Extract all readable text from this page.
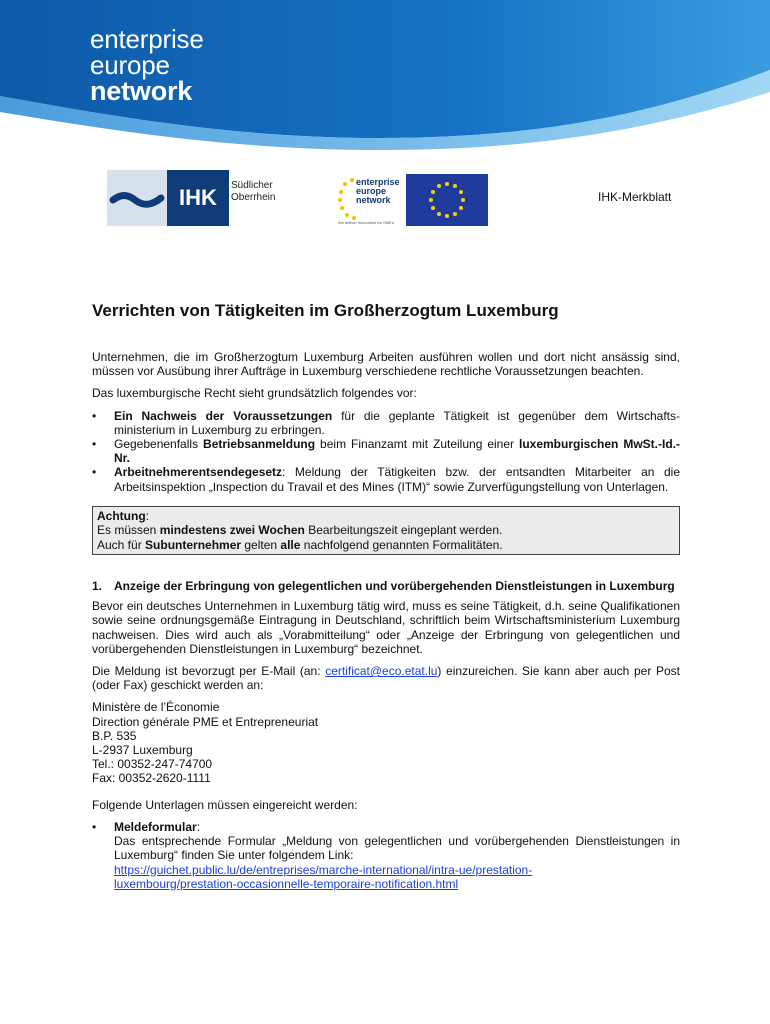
enterprise
europe
network
IHK	Südlicher
Oberrhein
enterprise
europe
network
We deliver innovation for SMEs
IHK-Merkblatt
Verrichten von Tätigkeiten im Großherzogtum Luxemburg

Unternehmen, die im Großherzogtum Luxemburg Arbeiten ausführen wollen und dort nicht ansässig sind, müssen vor Ausübung ihrer Aufträge in Luxemburg verschiedene rechtliche Voraussetzungen beachten.

Das luxemburgische Recht sieht grundsätzlich folgendes vor:

• Ein Nachweis der Voraussetzungen für die geplante Tätigkeit ist gegenüber dem Wirtschafts-ministerium in Luxemburg zu erbringen.
• Gegebenenfalls Betriebsanmeldung beim Finanzamt mit Zuteilung einer luxemburgischen MwSt.-Id.-Nr.
• Arbeitnehmerentsendegesetz: Meldung der Tätigkeiten bzw. der entsandten Mitarbeiter an die Arbeitsinspektion „Inspection du Travail et des Mines (ITM)“ sowie Zurverfügungstellung von Unterlagen.
Achtung:
Es müssen mindestens zwei Wochen Bearbeitungszeit eingeplant werden.
Auch für Subunternehmer gelten alle nachfolgend genannten Formalitäten.
1. Anzeige der Erbringung von gelegentlichen und vorübergehenden Dienstleistungen in Luxemburg

Bevor ein deutsches Unternehmen in Luxemburg tätig wird, muss es seine Tätigkeit, d.h. seine Qualifikationen sowie seine ordnungsgemäße Eintragung in Deutschland, schriftlich beim Wirtschaftsministerium Luxemburg nachweisen. Dies wird auch als „Vorabmitteilung“ oder „Anzeige der Erbringung von gelegentlichen und vorübergehenden Dienstleistungen in Luxemburg“ bezeichnet.

Die Meldung ist bevorzugt per E-Mail (an: certificat@eco.etat.lu) einzureichen. Sie kann aber auch per Post (oder Fax) geschickt werden an:

Ministère de l’Économie
Direction générale PME et Entrepreneuriat
B.P. 535
L-2937 Luxemburg
Tel.: 00352-247-74700
Fax: 00352-2620-1111

Folgende Unterlagen müssen eingereicht werden:

• Meldeformular:
Das entsprechende Formular „Meldung von gelegentlichen und vorübergehenden Dienstleistungen in Luxemburg“ finden Sie unter folgendem Link:
https://guichet.public.lu/de/entreprises/marche-international/intra-ue/prestation-
luxembourg/prestation-occasionnelle-temporaire-notification.html
